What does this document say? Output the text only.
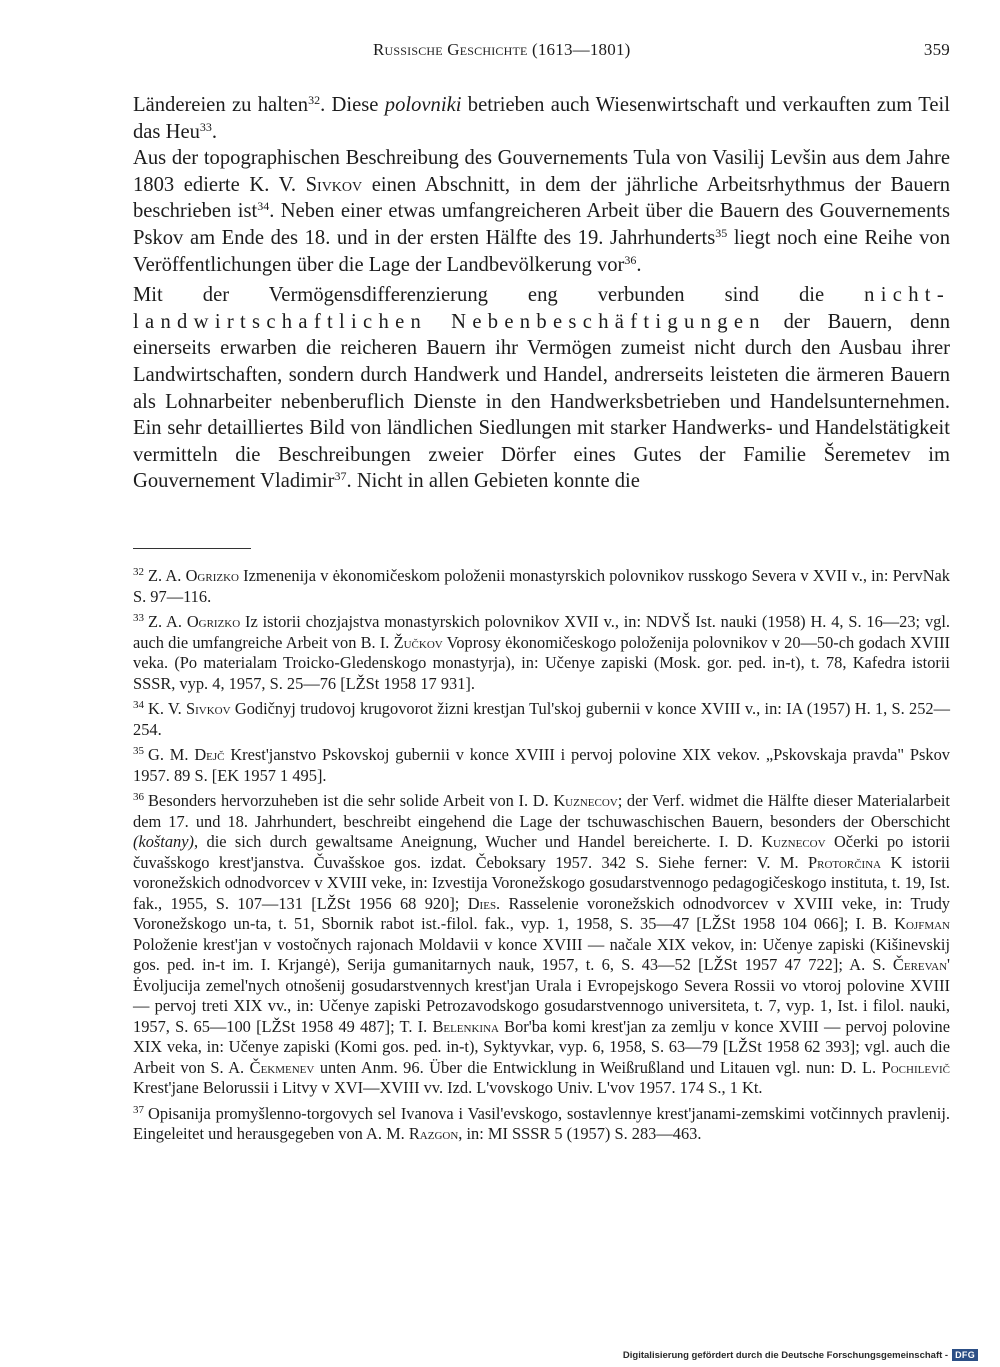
Russische Geschichte (1613—1801)	359

Ländereien zu halten$^{32}$. Diese polovniki betrieben auch Wiesenwirtschaft und verkauften zum Teil das Heu$^{33}$.

Aus der topographischen Beschreibung des Gouvernements Tula von Vasilij Levšin aus dem Jahre 1803 edierte K. V. Sivkov einen Abschnitt, in dem der jährliche Arbeitsrhythmus der Bauern beschrieben ist$^{34}$. Neben einer etwas umfangreicheren Arbeit über die Bauern des Gouvernements Pskov am Ende des 18. und in der ersten Hälfte des 19. Jahrhunderts$^{35}$ liegt noch eine Reihe von Veröffentlichungen über die Lage der Landbevölkerung vor$^{36}$.

Mit der Vermögensdifferenzierung eng verbunden sind die nicht-landwirtschaftlichen Nebenbeschäftigungen der Bauern, denn einerseits erwarben die reicheren Bauern ihr Vermögen zumeist nicht durch den Ausbau ihrer Landwirtschaften, sondern durch Handwerk und Handel, andrerseits leisteten die ärmeren Bauern als Lohnarbeiter nebenberuflich Dienste in den Handwerksbetrieben und Handelsunternehmen. Ein sehr detailliertes Bild von ländlichen Siedlungen mit starker Handwerks- und Handelstätigkeit vermitteln die Beschreibungen zweier Dörfer eines Gutes der Familie Šeremetev im Gouvernement Vladimir$^{37}$. Nicht in allen Gebieten konnte die

$^{32}$ Z. A. Ogrizko Izmenenija v ėkonomičeskom položenii monastyrskich polovnikov russkogo Severa v XVII v., in: PervNak S. 97—116.

$^{33}$ Z. A. Ogrizko Iz istorii chozjajstva monastyrskich polovnikov XVII v., in: NDVŠ Ist. nauki (1958) H. 4, S. 16—23; vgl. auch die umfangreiche Arbeit von B. I. Žučkov Voprosy ėkonomičeskogo položenija polovnikov v 20—50-ch godach XVIII veka. (Po materialam Troicko-Gledenskogo monastyrja), in: Učenye zapiski (Mosk. gor. ped. in-t), t. 78, Kafedra istorii SSSR, vyp. 4, 1957, S. 25—76 [LŽSt 1958 17 931].

$^{34}$ K. V. Sivkov Godičnyj trudovoj krugovorot žizni krestjan Tul'skoj gubernii v konce XVIII v., in: IA (1957) H. 1, S. 252—254.

$^{35}$ G. M. Dejč Krest'janstvo Pskovskoj gubernii v konce XVIII i pervoj polovine XIX vekov. „Pskovskaja pravda" Pskov 1957. 89 S. [EK 1957 1 495].

$^{36}$ Besonders hervorzuheben ist die sehr solide Arbeit von I. D. Kuznecov; der Verf. widmet die Hälfte dieser Materialarbeit dem 17. und 18. Jahrhundert, beschreibt eingehend die Lage der tschuwaschischen Bauern, besonders der Oberschicht (koštany), die sich durch gewaltsame Aneignung, Wucher und Handel bereicherte. I. D. Kuznecov Očerki po istorii čuvašskogo krest'janstva. Čuvašskoe gos. izdat. Čeboksary 1957. 342 S. Siehe ferner: V. M. Protorčina K istorii voronežskich odnodvorcev v XVIII veke, in: Izvestija Voronežskogo gosudarstvennogo pedagogičeskogo instituta, t. 19, Ist. fak., 1955, S. 107—131 [LŽSt 1956 68 920]; Dies. Rasselenie voronežskich odnodvorcev v XVIII veke, in: Trudy Voronežskogo un-ta, t. 51, Sbornik rabot ist.-filol. fak., vyp. 1, 1958, S. 35—47 [LŽSt 1958 104 066]; I. B. Kojfman Položenie krest'jan v vostočnych rajonach Moldavii v konce XVIII — načale XIX vekov, in: Učenye zapiski (Kišinevskij gos. ped. in-t im. I. Krjangė), Serija gumanitarnych nauk, 1957, t. 6, S. 43—52 [LŽSt 1957 47 722]; A. S. Čerevan' Ėvoljucija zemel'nych otnošenij gosudarstvennych krest'jan Urala i Evropejskogo Severa Rossii vo vtoroj polovine XVIII — pervoj treti XIX vv., in: Učenye zapiski Petrozavodskogo gosudarstvennogo universiteta, t. 7, vyp. 1, Ist. i filol. nauki, 1957, S. 65—100 [LŽSt 1958 49 487]; T. I. Belenkina Bor'ba komi krest'jan za zemlju v konce XVIII — pervoj polovine XIX veka, in: Učenye zapiski (Komi gos. ped. in-t), Syktyvkar, vyp. 6, 1958, S. 63—79 [LŽSt 1958 62 393]; vgl. auch die Arbeit von S. A. Čekmenev unten Anm. 96. Über die Entwicklung in Weißrußland und Litauen vgl. nun: D. L. Pochilevič Krest'jane Belorussii i Litvy v XVI—XVIII vv. Izd. L'vovskogo Univ. L'vov 1957. 174 S., 1 Kt.

$^{37}$ Opisanija promyšlenno-torgovych sel Ivanova i Vasil'evskogo, sostavlennye krest'janami-zemskimi votčinnych pravlenij. Eingeleitet und herausgegeben von A. M. Razgon, in: MI SSSR 5 (1957) S. 283—463.

Digitalisierung gefördert durch die Deutsche Forschungsgemeinschaft - DFG
